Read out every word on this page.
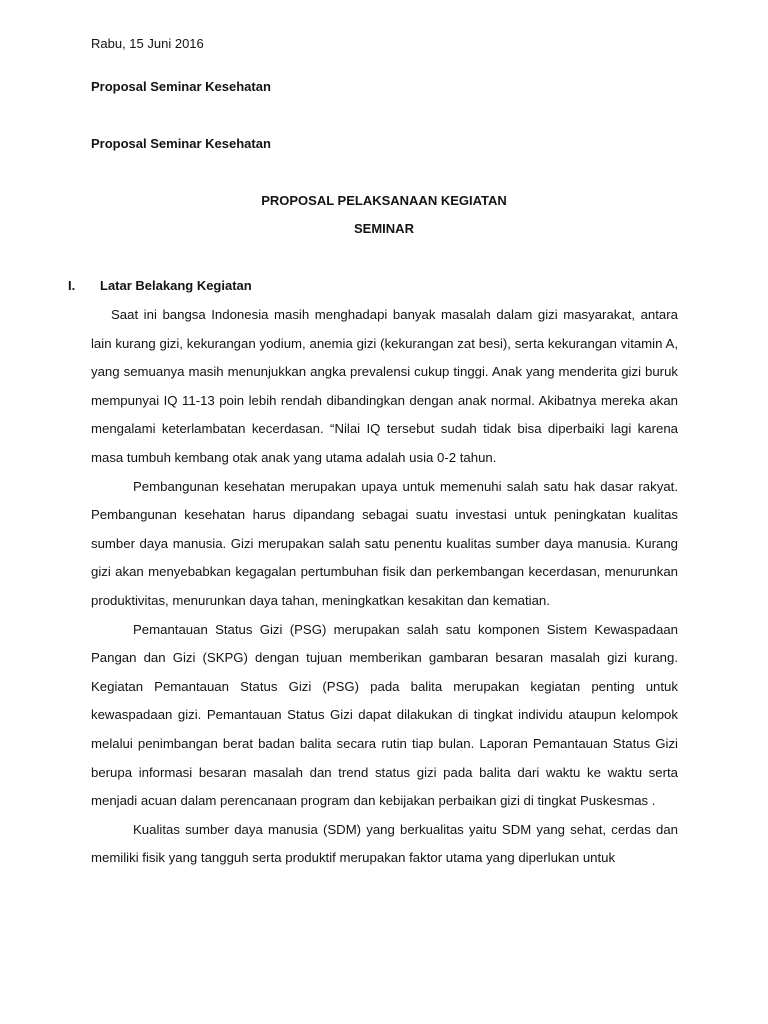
Rabu, 15 Juni 2016
Proposal Seminar Kesehatan
Proposal Seminar Kesehatan
PROPOSAL PELAKSANAAN KEGIATAN
SEMINAR
I. Latar Belakang Kegiatan

Saat ini bangsa Indonesia masih menghadapi banyak masalah dalam gizi masyarakat, antara lain kurang gizi, kekurangan yodium, anemia gizi (kekurangan zat besi), serta kekurangan vitamin A, yang semuanya masih menunjukkan angka prevalensi cukup tinggi. Anak yang menderita gizi buruk mempunyai IQ 11-13 poin lebih rendah dibandingkan dengan anak normal. Akibatnya mereka akan mengalami keterlambatan kecerdasan. “Nilai IQ tersebut sudah tidak bisa diperbaiki lagi karena masa tumbuh kembang otak anak yang utama adalah usia 0-2 tahun.

Pembangunan kesehatan merupakan upaya untuk memenuhi salah satu hak dasar rakyat. Pembangunan kesehatan harus dipandang sebagai suatu investasi untuk peningkatan kualitas sumber daya manusia. Gizi merupakan salah satu penentu kualitas sumber daya manusia. Kurang gizi akan menyebabkan kegagalan pertumbuhan fisik dan perkembangan kecerdasan, menurunkan produktivitas, menurunkan daya tahan, meningkatkan kesakitan dan kematian.

Pemantauan Status Gizi (PSG) merupakan salah satu komponen Sistem Kewaspadaan Pangan dan Gizi (SKPG) dengan tujuan memberikan gambaran besaran masalah gizi kurang. Kegiatan Pemantauan Status Gizi (PSG) pada balita merupakan kegiatan penting untuk kewaspadaan gizi. Pemantauan Status Gizi dapat dilakukan di tingkat individu ataupun kelompok melalui penimbangan berat badan balita secara rutin tiap bulan. Laporan Pemantauan Status Gizi berupa informasi besaran masalah dan trend status gizi pada balita dari waktu ke waktu serta menjadi acuan dalam perencanaan program dan kebijakan perbaikan gizi di tingkat Puskesmas .

Kualitas sumber daya manusia (SDM) yang berkualitas yaitu SDM yang sehat, cerdas dan memiliki fisik yang tangguh serta produktif merupakan faktor utama yang diperlukan untuk
